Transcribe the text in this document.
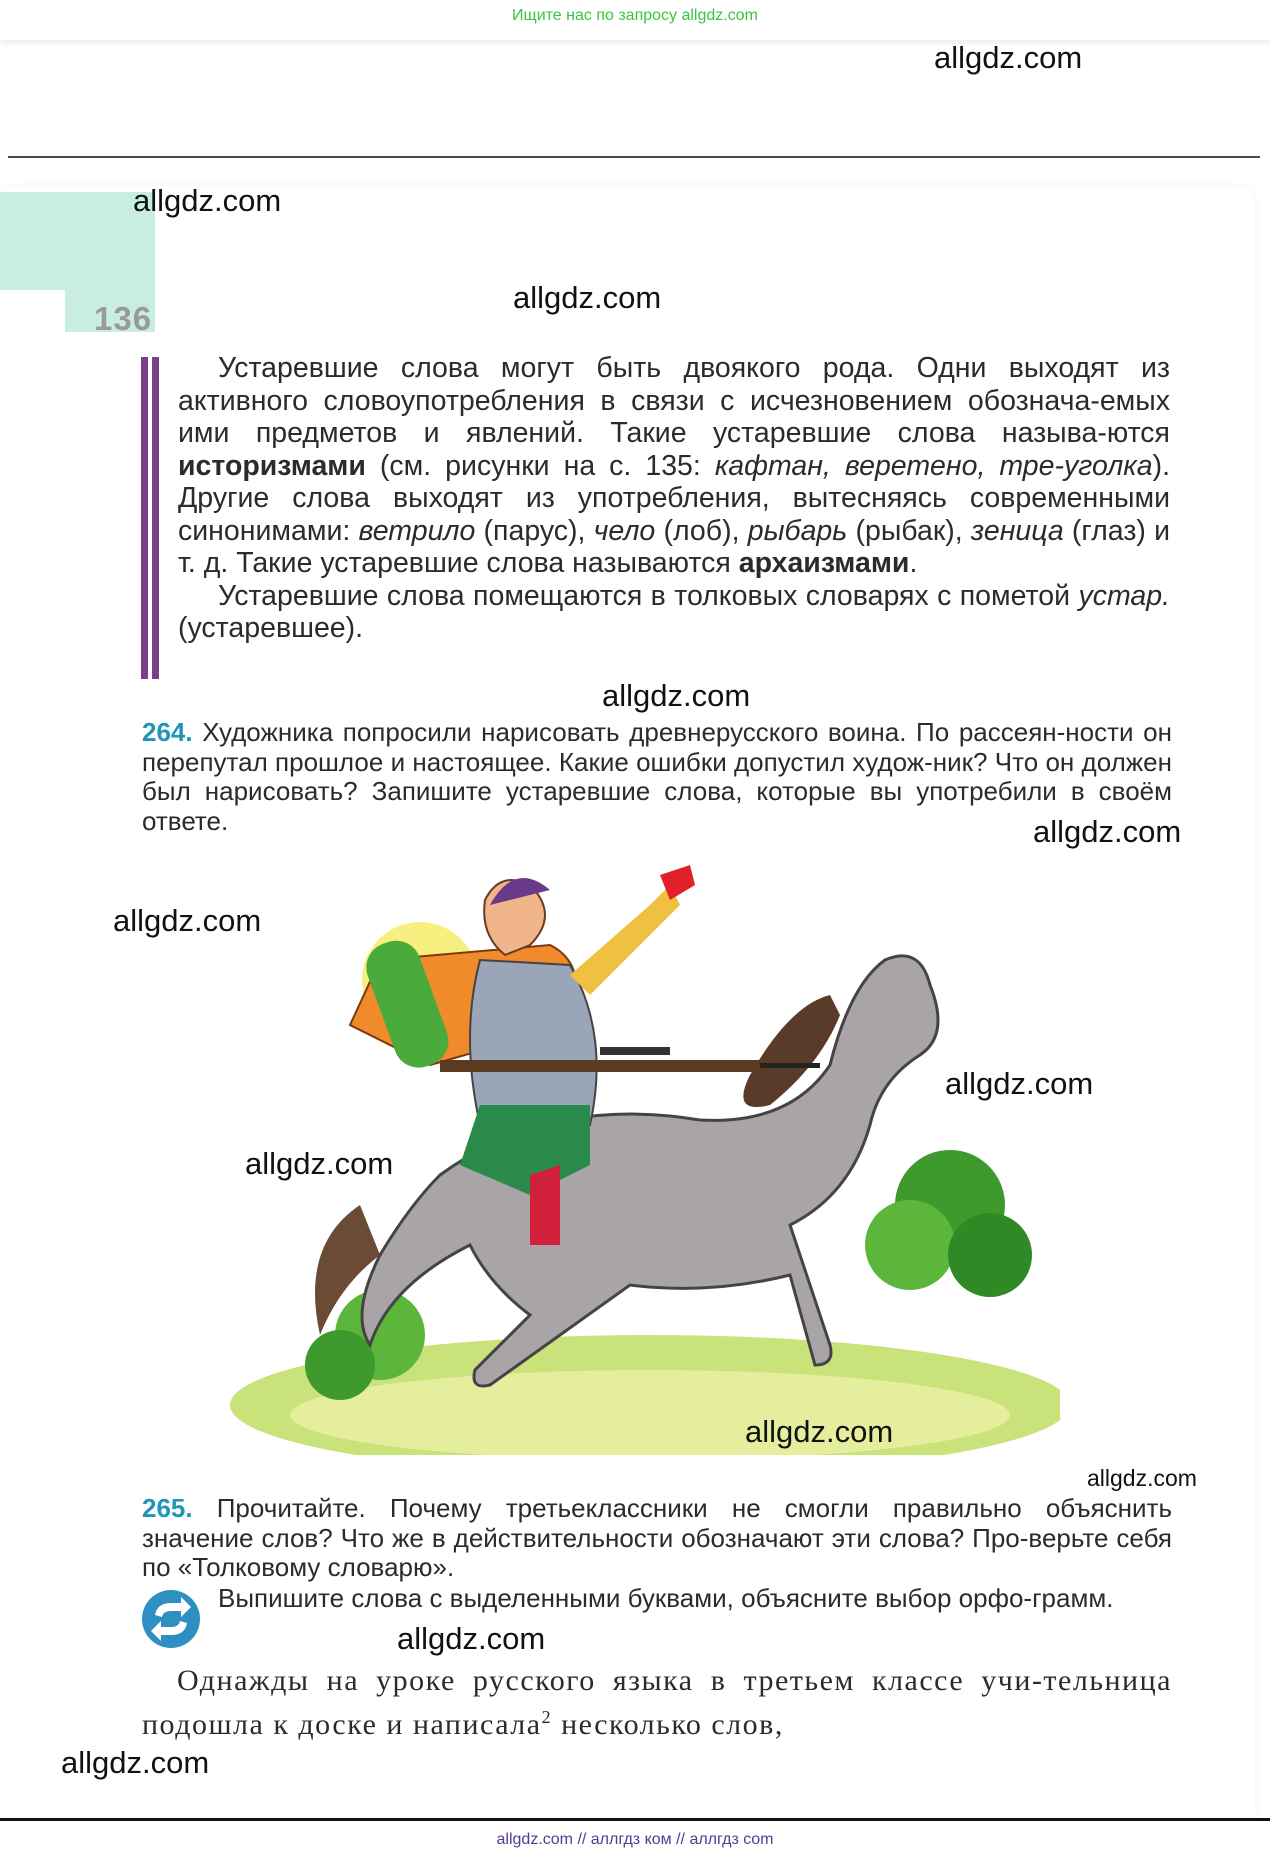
Ищите нас по запросу allgdz.com
allgdz.com
allgdz.com
allgdz.com
136

Устаревшие слова могут быть двоякого рода. Одни выходят из активного словоупотребления в связи с исчезновением обознача-емых ими предметов и явлений. Такие устаревшие слова называ-ются историзмами (см. рисунки на с. 135: кафтан, веретено, тре-уголка). Другие слова выходят из употребления, вытесняясь современными синонимами: ветрило (парус), чело (лоб), рыбарь (рыбак), зеница (глаз) и т. д. Такие устаревшие слова называются архаизмами.

Устаревшие слова помещаются в толковых словарях с пометой устар. (устаревшее).

allgdz.com

264. Художника попросили нарисовать древнерусского воина. По рассеян-ности он перепутал прошлое и настоящее. Какие ошибки допустил худож-ник? Что он должен был нарисовать? Запишите устаревшие слова, которые вы употребили в своём ответе.	allgdz.com
allgdz.com
allgdz.com
allgdz.com
allgdz.com
allgdz.com

265. Прочитайте. Почему третьеклассники не смогли правильно объяснить значение слов? Что же в действительности обозначают эти слова? Про-верьте себя по «Толковому словарю».

Выпишите слова с выделенными буквами, объясните выбор орфо-грамм.
allgdz.com

Однажды на уроке русского языка в третьем классе учи-тельница подошла к доске и написала$^2$ несколько слов,

allgdz.com
allgdz.com // аллгдз ком // аллгдз com
